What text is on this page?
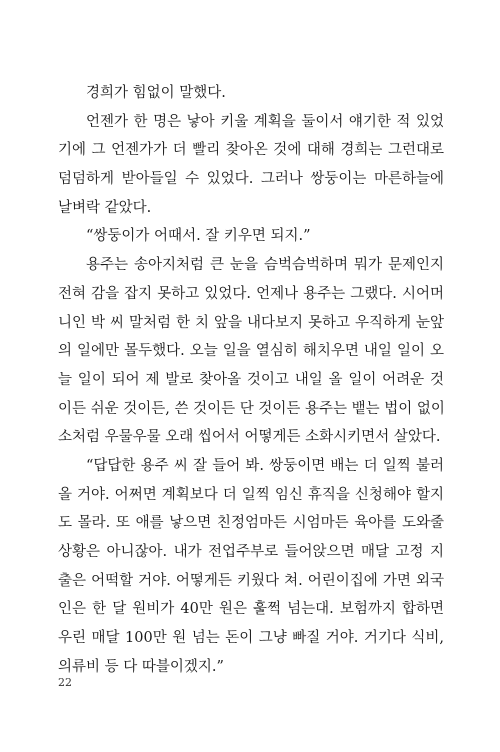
경희가 힘없이 말했다.
언젠가 한 명은 낳아 키울 계획을 둘이서 얘기한 적 있었
기에 그 언젠가가 더 빨리 찾아온 것에 대해 경희는 그런대로
덤덤하게 받아들일 수 있었다. 그러나 쌍둥이는 마른하늘에
날벼락 같았다.
“쌍둥이가 어때서. 잘 키우면 되지.”
용주는 송아지처럼 큰 눈을 슴벅슴벅하며 뭐가 문제인지
전혀 감을 잡지 못하고 있었다. 언제나 용주는 그랬다. 시어머
니인 박 씨 말처럼 한 치 앞을 내다보지 못하고 우직하게 눈앞
의 일에만 몰두했다. 오늘 일을 열심히 해치우면 내일 일이 오
늘 일이 되어 제 발로 찾아올 것이고 내일 올 일이 어려운 것
이든 쉬운 것이든, 쓴 것이든 단 것이든 용주는 뱉는 법이 없이
소처럼 우물우물 오래 씹어서 어떻게든 소화시키면서 살았다.
“답답한 용주 씨 잘 들어 봐. 쌍둥이면 배는 더 일찍 불러
올 거야. 어쩌면 계획보다 더 일찍 임신 휴직을 신청해야 할지
도 몰라. 또 애를 낳으면 친정엄마든 시엄마든 육아를 도와줄
상황은 아니잖아. 내가 전업주부로 들어앉으면 매달 고정 지
출은 어떡할 거야. 어떻게든 키웠다 쳐. 어린이집에 가면 외국
인은 한 달 원비가 40만 원은 훌쩍 넘는대. 보험까지 합하면
우린 매달 100만 원 넘는 돈이 그냥 빠질 거야. 거기다 식비,
의류비 등 다 따블이겠지.”
22
